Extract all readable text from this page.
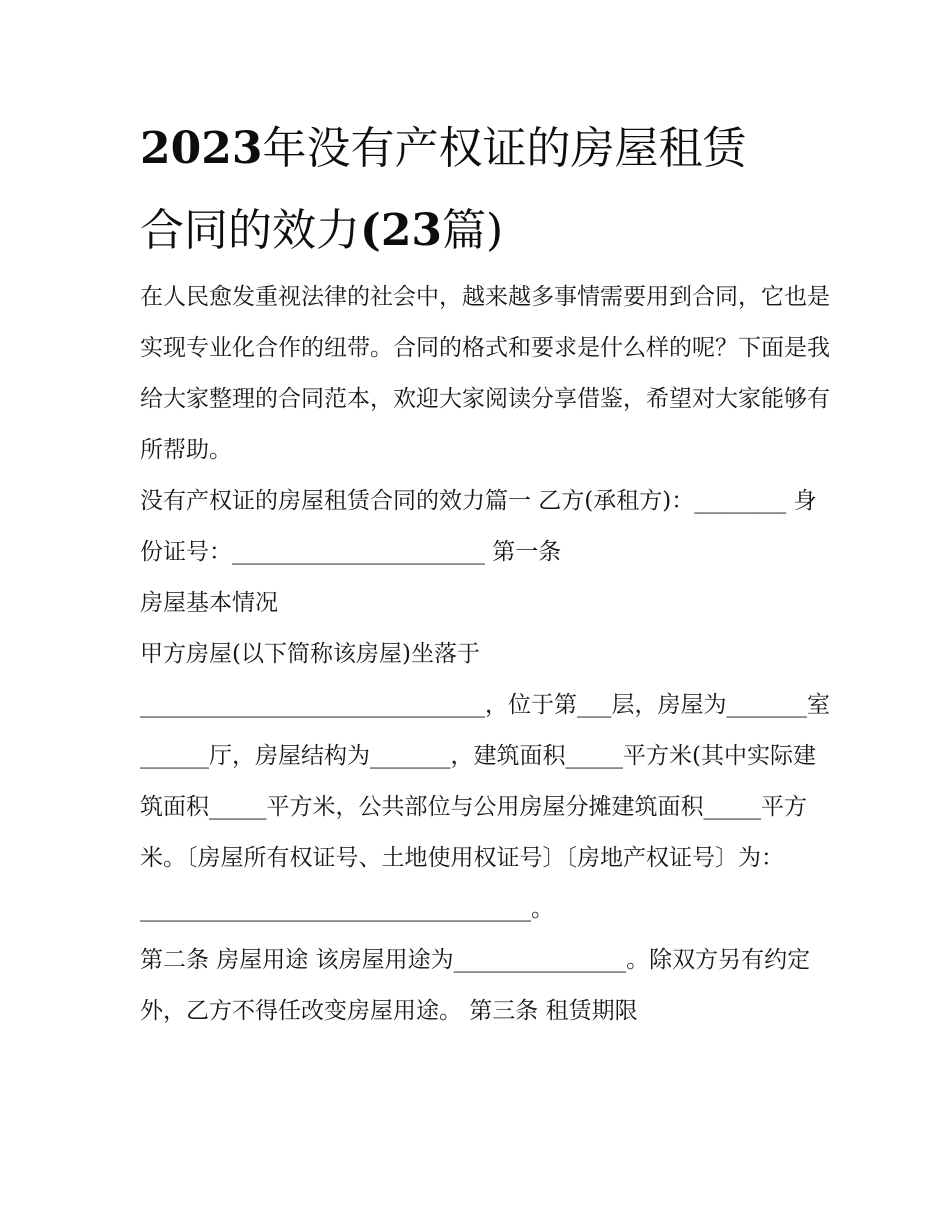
2023年没有产权证的房屋租赁
合同的效力(23篇)

在人民愈发重视法律的社会中，越来越多事情需要用到合同，它也是实现专业化合作的纽带。合同的格式和要求是什么样的呢？下面是我给大家整理的合同范本，欢迎大家阅读分享借鉴，希望对大家能够有所帮助。

没有产权证的房屋租赁合同的效力篇一 乙方(承租方)：________ 身份证号：______________________ 第一条

房屋基本情况

甲方房屋(以下简称该房屋)坐落于

______________________________，位于第___层，房屋为_______室______厅，房屋结构为_______，建筑面积_____平方米(其中实际建筑面积_____平方米，公共部位与公用房屋分摊建筑面积_____平方米。〔房屋所有权证号、土地使用权证号〕〔房地产权证号〕为：

__________________________________。

第二条 房屋用途 该房屋用途为_______________。除双方另有约定外，乙方不得任改变房屋用途。 第三条 租赁期限
